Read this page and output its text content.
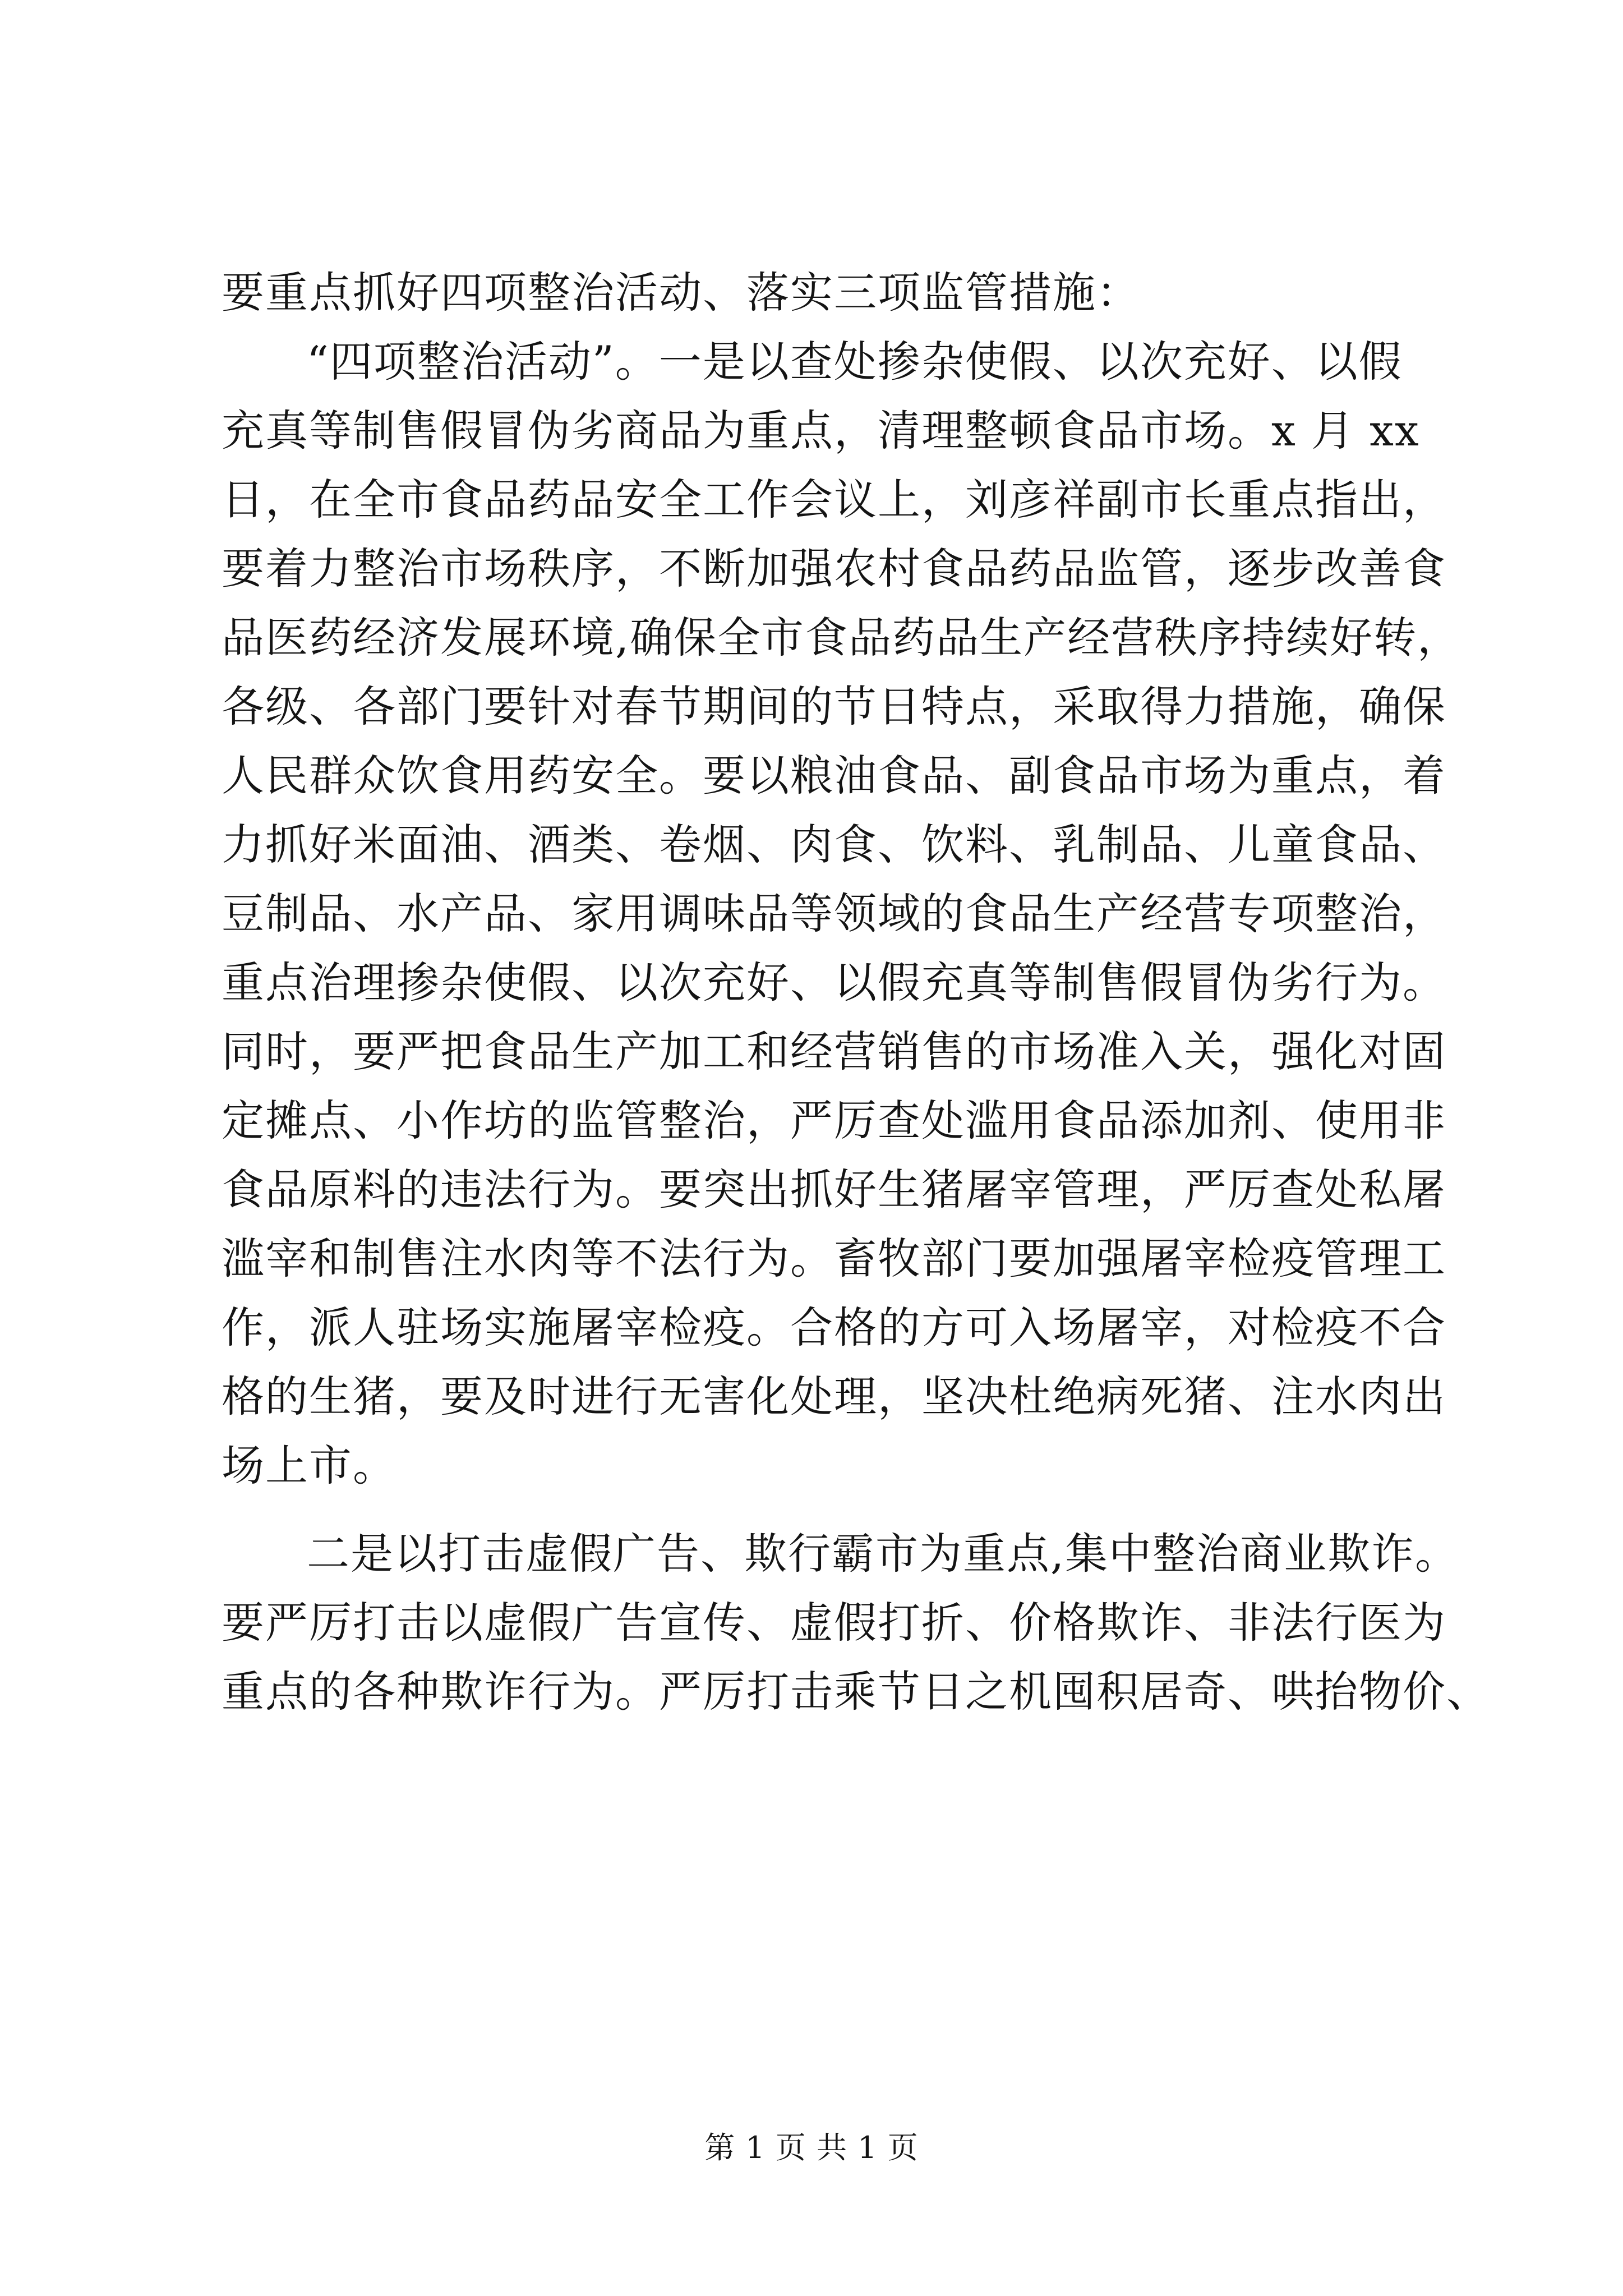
要重点抓好四项整治活动、落实三项监管措施：
“四项整治活动”。一是以查处掺杂使假、以次充好、以假
充真等制售假冒伪劣商品为重点，清理整顿食品市场。x 月 xx
日，在全市食品药品安全工作会议上，刘彦祥副市长重点指出，
要着力整治市场秩序，不断加强农村食品药品监管，逐步改善食
品医药经济发展环境,确保全市食品药品生产经营秩序持续好转，
各级、各部门要针对春节期间的节日特点，采取得力措施，确保
人民群众饮食用药安全。要以粮油食品、副食品市场为重点，着
力抓好米面油、酒类、卷烟、肉食、饮料、乳制品、儿童食品、
豆制品、水产品、家用调味品等领域的食品生产经营专项整治，
重点治理掺杂使假、以次充好、以假充真等制售假冒伪劣行为。
同时，要严把食品生产加工和经营销售的市场准入关，强化对固
定摊点、小作坊的监管整治，严厉查处滥用食品添加剂、使用非
食品原料的违法行为。要突出抓好生猪屠宰管理，严厉查处私屠
滥宰和制售注水肉等不法行为。畜牧部门要加强屠宰检疫管理工
作，派人驻场实施屠宰检疫。合格的方可入场屠宰，对检疫不合
格的生猪，要及时进行无害化处理，坚决杜绝病死猪、注水肉出
场上市。
二是以打击虚假广告、欺行霸市为重点,集中整治商业欺诈。
要严厉打击以虚假广告宣传、虚假打折、价格欺诈、非法行医为
重点的各种欺诈行为。严厉打击乘节日之机囤积居奇、哄抬物价、
第 1 页 共 1 页
